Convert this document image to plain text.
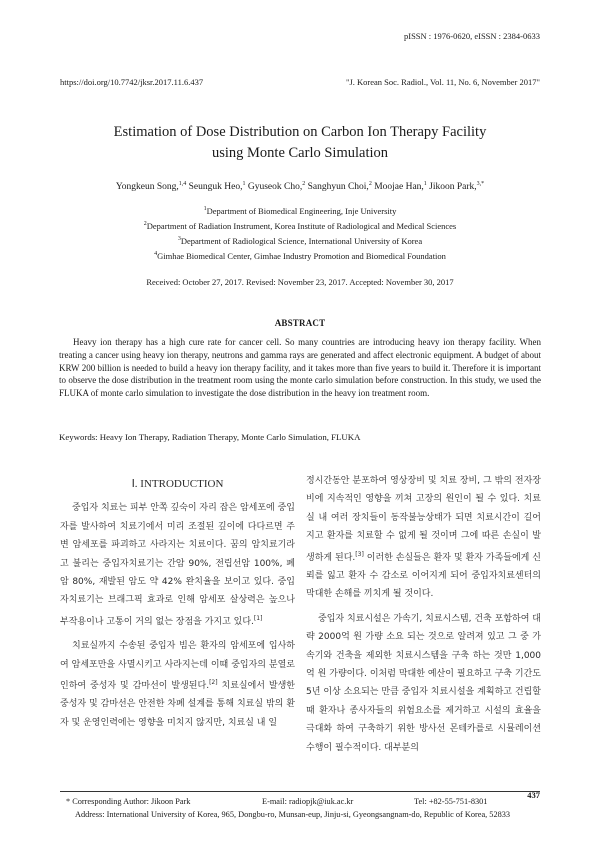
pISSN : 1976-0620, eISSN : 2384-0633
https://doi.org/10.7742/jksr.2017.11.6.437	"J. Korean Soc. Radiol., Vol. 11, No. 6, November 2017"
Estimation of Dose Distribution on Carbon Ion Therapy Facility
using Monte Carlo Simulation
Yongkeun Song,$^{1,4}$ Seunguk Heo,$^1$ Gyuseok Cho,$^2$ Sanghyun Choi,$^2$ Moojae Han,$^1$ Jikoon Park,$^{3,*}$
$^1$Department of Biomedical Engineering, Inje University
$^2$Department of Radiation Instrument, Korea Institute of Radiological and Medical Sciences
$^3$Department of Radiological Science, International University of Korea
$^4$Gimhae Biomedical Center, Gimhae Industry Promotion and Biomedical Foundation
Received: October 27, 2017. Revised: November 23, 2017. Accepted: November 30, 2017
ABSTRACT
Heavy ion therapy has a high cure rate for cancer cell. So many countries are introducing heavy ion therapy facility. When treating a cancer using heavy ion therapy, neutrons and gamma rays are generated and affect electronic equipment. A budget of about KRW 200 billion is needed to build a heavy ion therapy facility, and it takes more than five years to build it. Therefore it is important to observe the dose distribution in the treatment room using the monte carlo simulation before construction. In this study, we used the FLUKA of monte carlo simulation to investigate the dose distribution in the heavy ion treatment room.
Keywords: Heavy Ion Therapy, Radiation Therapy, Monte Carlo Simulation, FLUKA

Ⅰ. INTRODUCTION

중입자 치료는 피부 안쪽 깊숙이 자리 잡은 암세포에 중입자를 발사하여 치료기에서 미리 조절된 깊이에 다다르면 주변 암세포를 파괴하고 사라지는 치료이다. 꿈의 암치료기라고 불리는 중입자치료기는 간암 90%, 전립선암 100%, 폐암 80%, 재발된 암도 약 42% 완치율을 보이고 있다. 중입자치료기는 브래그픽 효과로 인해 암세포 살상력은 높으나 부작용이나 고통이 거의 없는 장점을 가지고 있다.[1]

치료실까지 수송된 중입자 빔은 환자의 암세포에 입사하여 암세포만을 사멸시키고 사라지는데 이때 중입자의 분열로 인하여 중성자 및 감마선이 발생된다.[2] 치료실에서 발생한 중성자 및 감마선은 안전한 차폐 설계를 통해 치료실 밖의 환자 및 운영인력에는 영향을 미치지 않지만, 치료실 내 일

정시간동안 분포하여 영상장비 및 치료 장비, 그 밖의 전자장비에 지속적인 영향을 끼쳐 고장의 원인이 될 수 있다. 치료실 내 여러 장치들이 동작불능상태가 되면 치료시간이 길어지고 환자를 치료할 수 없게 될 것이며 그에 따른 손실이 발생하게 된다.[3] 이러한 손실들은 환자 및 환자 가족들에게 신뢰를 잃고 환자 수 감소로 이어지게 되어 중입자치료센터의 막대한 손해를 끼치게 될 것이다.

중입자 치료시설은 가속기, 치료시스템, 건축 포함하여 대략 2000억 원 가량 소요 되는 것으로 알려져 있고 그 중 가속기와 건축을 제외한 치료시스템을 구축 하는 것만 1,000억 원 가량이다. 이처럼 막대한 예산이 필요하고 구축 기간도 5년 이상 소요되는 만큼 중입자 치료시설을 계획하고 건립할 때 환자나 종사자들의 위험요소를 제거하고 시설의 효율을 극대화 하여 구축하기 위한 방사선 몬테카를로 시뮬레이션 수행이 필수적이다. 대부분의

* Corresponding Author: Jikoon Park	E-mail: radiopjk@iuk.ac.kr	Tel: +82-55-751-8301
437
Address: International University of Korea, 965, Dongbu-ro, Munsan-eup, Jinju-si, Gyeongsangnam-do, Republic of Korea, 52833
